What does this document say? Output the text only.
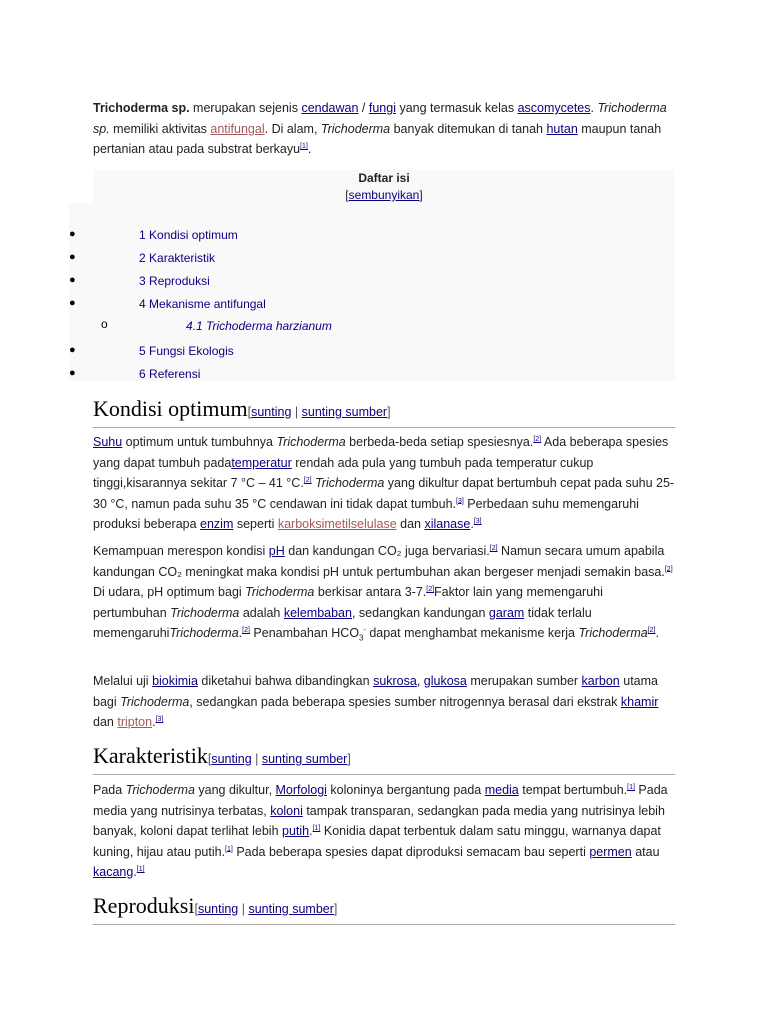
Trichoderma sp. merupakan sejenis cendawan / fungi yang termasuk kelas ascomycetes. Trichoderma sp. memiliki aktivitas antifungal. Di alam, Trichoderma banyak ditemukan di tanah hutan maupun tanah pertanian atau pada substrat berkayu[1].

Daftar isi
[sembunyikan]
●	1 Kondisi optimum
●	2 Karakteristik
●	3 Reproduksi
●	4 Mekanisme antifungal
o	4.1 Trichoderma harzianum
●	5 Fungsi Ekologis
●	6 Referensi
Kondisi optimum[sunting | sunting sumber]

Suhu optimum untuk tumbuhnya Trichoderma berbeda-beda setiap spesiesnya.[2] Ada beberapa spesies yang dapat tumbuh padatemperatur rendah ada pula yang tumbuh pada temperatur cukup tinggi,kisarannya sekitar 7 °C – 41 °C.[2] Trichoderma yang dikultur dapat bertumbuh cepat pada suhu 25-30 °C, namun pada suhu 35 °C cendawan ini tidak dapat tumbuh.[3] Perbedaan suhu memengaruhi produksi beberapa enzim seperti karboksimetilselulase dan xilanase.[3]

Kemampuan merespon kondisi pH dan kandungan CO₂ juga bervariasi.[2] Namun secara umum apabila kandungan CO₂ meningkat maka kondisi pH untuk pertumbuhan akan bergeser menjadi semakin basa.[2] Di udara, pH optimum bagi Trichoderma berkisar antara 3-7.[2]Faktor lain yang memengaruhi pertumbuhan Trichoderma adalah kelembaban, sedangkan kandungan garam tidak terlalu memengaruhiTrichoderma.[2] Penambahan $HCO_3^-$ dapat menghambat mekanisme kerja Trichoderma[2].

Melalui uji biokimia diketahui bahwa dibandingkan sukrosa, glukosa merupakan sumber karbon utama bagi Trichoderma, sedangkan pada beberapa spesies sumber nitrogennya berasal dari ekstrak khamir dan tripton.[3]

Karakteristik[sunting | sunting sumber]

Pada Trichoderma yang dikultur, Morfologi koloninya bergantung pada media tempat bertumbuh.[1] Pada media yang nutrisinya terbatas, koloni tampak transparan, sedangkan pada media yang nutrisinya lebih banyak, koloni dapat terlihat lebih putih.[1] Konidia dapat terbentuk dalam satu minggu, warnanya dapat kuning, hijau atau putih.[1] Pada beberapa spesies dapat diproduksi semacam bau seperti permen atau kacang.[1]

Reproduksi[sunting | sunting sumber]
